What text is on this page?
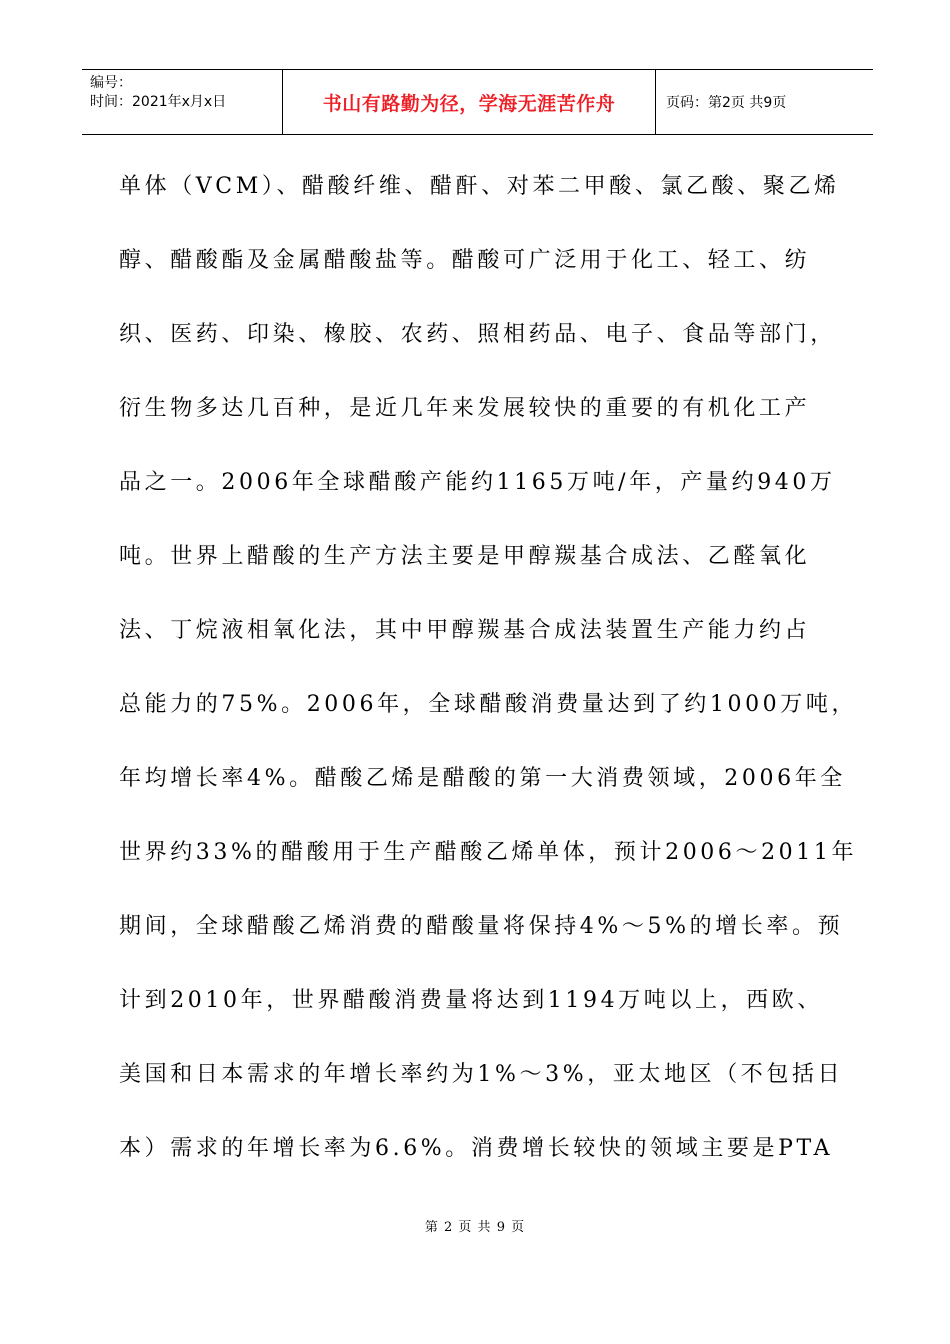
编号：
时间：2021年x月x日	书山有路勤为径，学海无涯苦作舟	页码：第2页 共9页
单体（VCM）、醋酸纤维、醋酐、对苯二甲酸、氯乙酸、聚乙烯
醇、醋酸酯及金属醋酸盐等。醋酸可广泛用于化工、轻工、纺
织、医药、印染、橡胶、农药、照相药品、电子、食品等部门，
衍生物多达几百种，是近几年来发展较快的重要的有机化工产
品之一。2006年全球醋酸产能约1165万吨/年，产量约940万
吨。世界上醋酸的生产方法主要是甲醇羰基合成法、乙醛氧化
法、丁烷液相氧化法，其中甲醇羰基合成法装置生产能力约占
总能力的75%。2006年，全球醋酸消费量达到了约1000万吨，
年均增长率4%。醋酸乙烯是醋酸的第一大消费领域，2006年全
世界约33%的醋酸用于生产醋酸乙烯单体，预计2006～2011年
期间，全球醋酸乙烯消费的醋酸量将保持4%～5%的增长率。预
计到2010年，世界醋酸消费量将达到1194万吨以上，西欧、
美国和日本需求的年增长率约为1%～3%，亚太地区（不包括日
本）需求的年增长率为6.6%。消费增长较快的领域主要是PTA
第 2 页 共 9 页
